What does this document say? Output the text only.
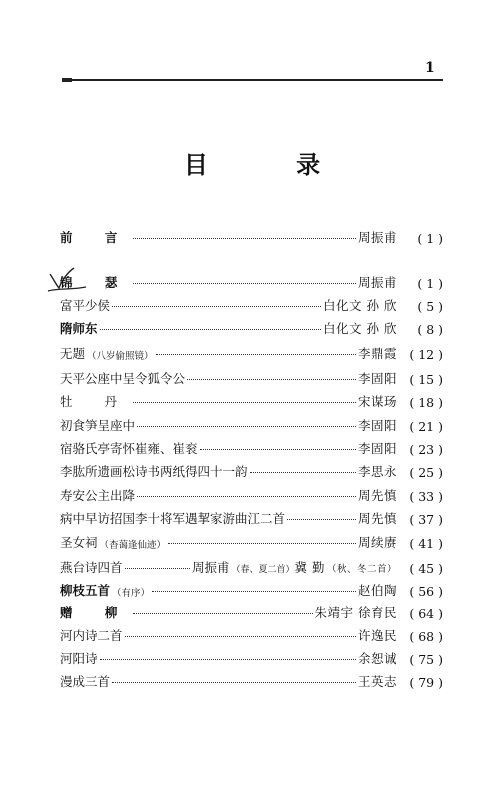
1
目 录
前 言	周振甫	( 1 )
锦 瑟	周振甫	( 1 )
富平少侯	白化文 孙 欣	( 5 )
隋师东	白化文 孙 欣	( 8 )
无题 （八岁偷照镜）	李鼎霞	( 12 )
天平公座中呈令狐令公	李固阳	( 15 )
牡 丹	宋谋玚	( 18 )
初食笋呈座中	李固阳	( 21 )
宿骆氏亭寄怀崔雍、崔衮	李固阳	( 23 )
李肱所遗画松诗书两纸得四十一韵	李思永	( 25 )
寿安公主出降	周先慎	( 33 )
病中早访招国李十将军遇挈家游曲江二首	周先慎	( 37 )
圣女祠 （杳蔼逢仙迹）	周续赓	( 41 )
燕台诗四首	周振甫 （春、夏二首） 冀 勤 （秋、冬二首）	( 45 )
柳枝五首 （有序）	赵伯陶	( 56 )
赠 柳	朱靖宇 徐育民	( 64 )
河内诗二首	许逸民	( 68 )
河阳诗	余恕诚	( 75 )
漫成三首	王英志	( 79 )
